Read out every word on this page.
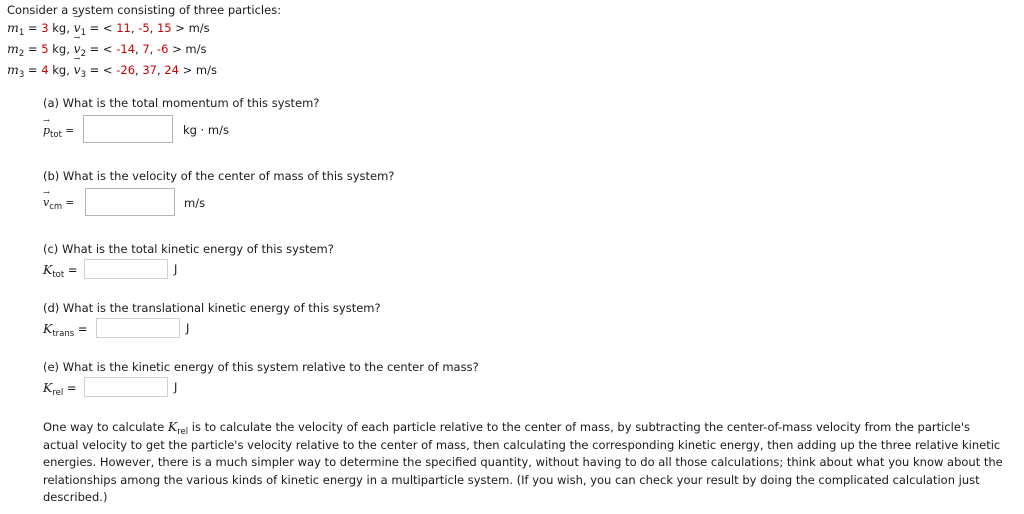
Consider a system consisting of three particles:
$m_1 = 3$ kg, → $v_1$ = < 11, -5, 15 > m/s
$m_2 = 5$ kg, → $v_2$ = < -14, 7, -6 > m/s
$m_3 = 4$ kg, → $v_3$ = < -26, 37, 24 > m/s
(a) What is the total momentum of this system?
→ $p_{tot}$ =	kg · m/s
(b) What is the velocity of the center of mass of this system?
→ $v_{cm}$ =	m/s
(c) What is the total kinetic energy of this system?
$K_{tot}$ =	J
(d) What is the translational kinetic energy of this system?
$K_{trans}$ =	J
(e) What is the kinetic energy of this system relative to the center of mass?
$K_{rel}$ =	J
One way to calculate $K_{rel}$ is to calculate the velocity of each particle relative to the center of mass, by subtracting the center-of-mass velocity from the particle's actual velocity to get the particle's velocity relative to the center of mass, then calculating the corresponding kinetic energy, then adding up the three relative kinetic energies. However, there is a much simpler way to determine the specified quantity, without having to do all those calculations; think about what you know about the relationships among the various kinds of kinetic energy in a multiparticle system. (If you wish, you can check your result by doing the complicated calculation just described.)
